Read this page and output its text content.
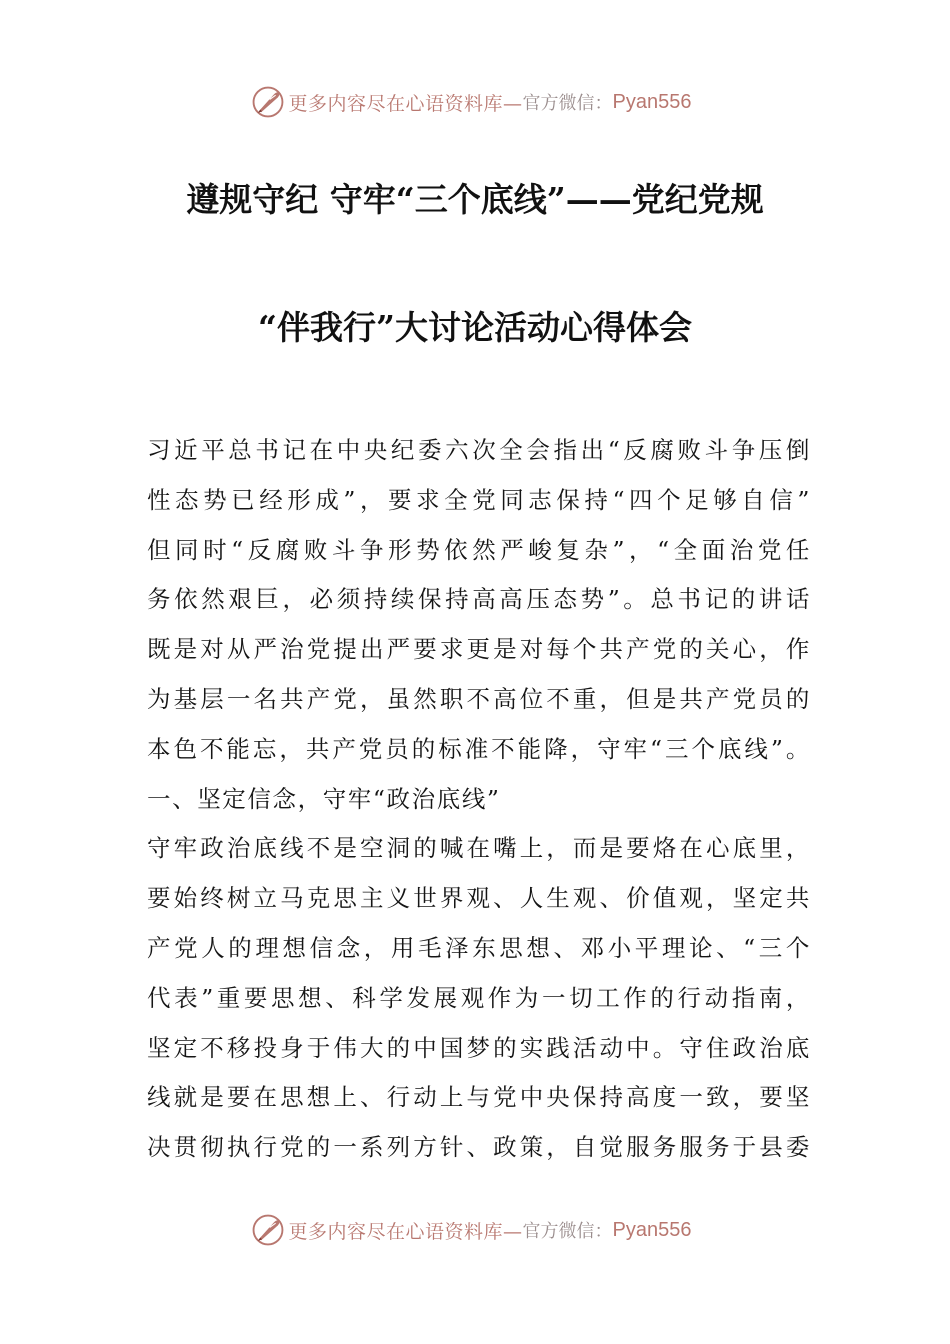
更多内容尽在心语资料库— 官方微信： Pyan556
遵规守纪 守牢“三个底线”——党纪党规
“伴我行”大讨论活动心得体会
习近平总书记在中央纪委六次全会指出“反腐败斗争压倒
性态势已经形成”，要求全党同志保持“四个足够自信”
但同时“反腐败斗争形势依然严峻复杂”，“全面治党任
务依然艰巨，必须持续保持高高压态势”。总书记的讲话
既是对从严治党提出严要求更是对每个共产党的关心，作
为基层一名共产党，虽然职不高位不重，但是共产党员的
本色不能忘，共产党员的标准不能降，守牢“三个底线”。
一、坚定信念，守牢“政治底线”
守牢政治底线不是空洞的喊在嘴上，而是要烙在心底里，
要始终树立马克思主义世界观、人生观、价值观，坚定共
产党人的理想信念，用毛泽东思想、邓小平理论、“三个
代表”重要思想、科学发展观作为一切工作的行动指南，
坚定不移投身于伟大的中国梦的实践活动中。守住政治底
线就是要在思想上、行动上与党中央保持高度一致，要坚
决贯彻执行党的一系列方针、政策，自觉服务服务于县委
更多内容尽在心语资料库— 官方微信： Pyan556
